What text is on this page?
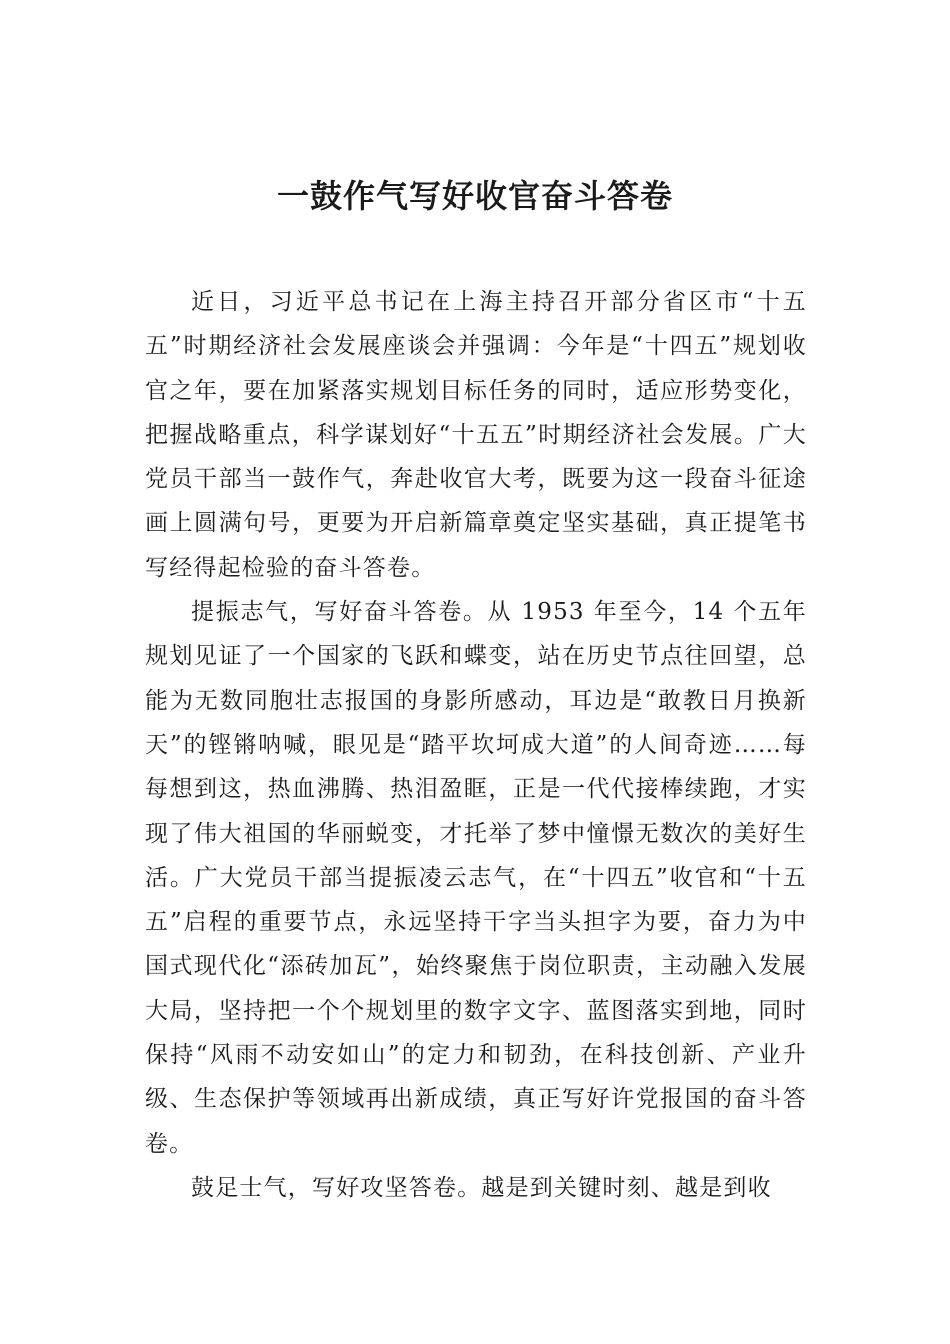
一鼓作气写好收官奋斗答卷

近日，习近平总书记在上海主持召开部分省区市“十五五”时期经济社会发展座谈会并强调：今年是“十四五”规划收官之年，要在加紧落实规划目标任务的同时，适应形势变化，把握战略重点，科学谋划好“十五五”时期经济社会发展。广大党员干部当一鼓作气，奔赴收官大考，既要为这一段奋斗征途画上圆满句号，更要为开启新篇章奠定坚实基础，真正提笔书写经得起检验的奋斗答卷。

提振志气，写好奋斗答卷。从 1953 年至今，14 个五年规划见证了一个国家的飞跃和蝶变，站在历史节点往回望，总能为无数同胞壮志报国的身影所感动，耳边是“敢教日月换新天”的铿锵呐喊，眼见是“踏平坎坷成大道”的人间奇迹……每每想到这，热血沸腾、热泪盈眶，正是一代代接棒续跑，才实现了伟大祖国的华丽蜕变，才托举了梦中憧憬无数次的美好生活。广大党员干部当提振凌云志气，在“十四五”收官和“十五五”启程的重要节点，永远坚持干字当头担字为要，奋力为中国式现代化“添砖加瓦”，始终聚焦于岗位职责，主动融入发展大局，坚持把一个个规划里的数字文字、蓝图落实到地，同时保持“风雨不动安如山”的定力和韧劲，在科技创新、产业升级、生态保护等领域再出新成绩，真正写好许党报国的奋斗答卷。

鼓足士气，写好攻坚答卷。越是到关键时刻、越是到收
